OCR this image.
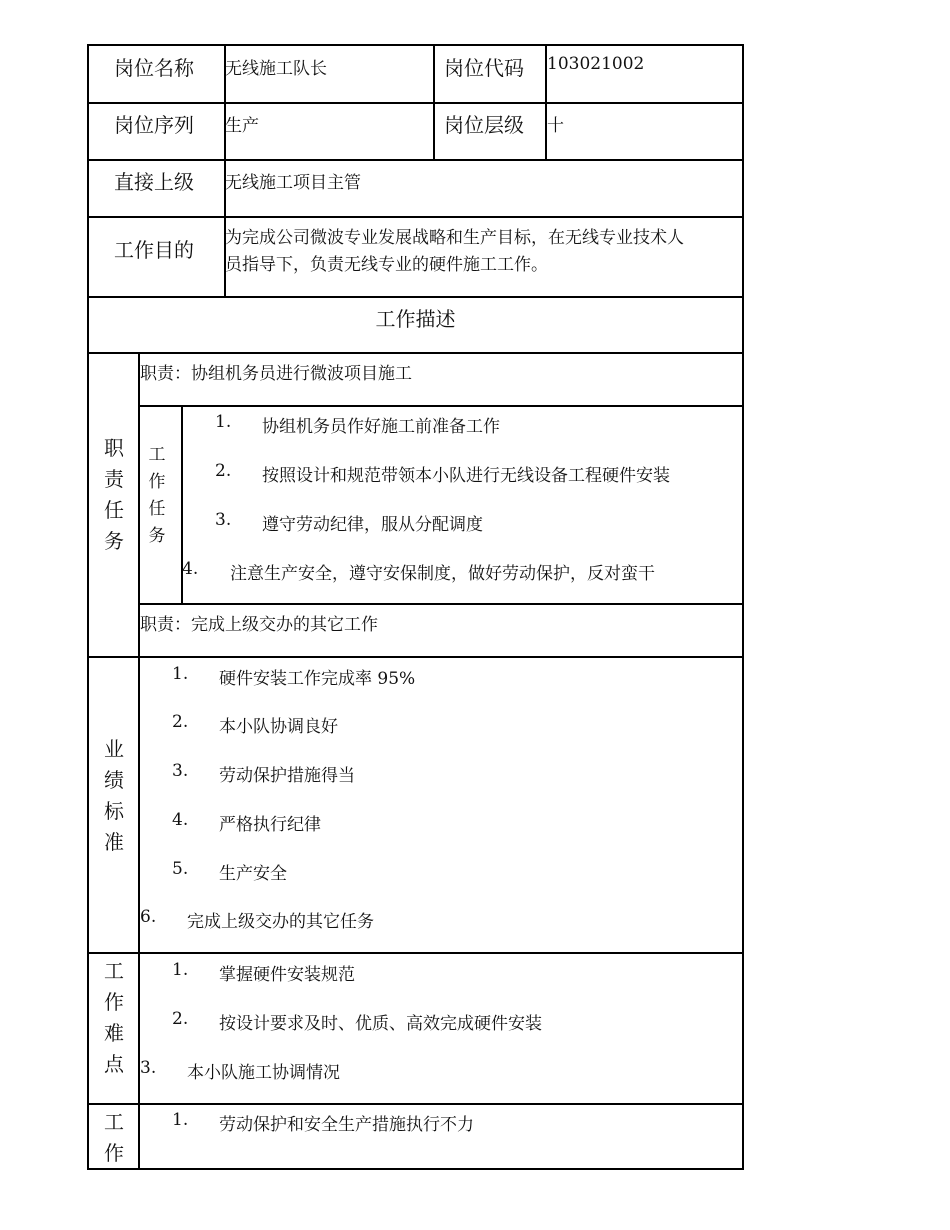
岗位名称 无线施工队长	岗位代码 103021002
岗位序列 生产	岗位层级 十
直接上级 无线施工项目主管
工作目的 为完成公司微波专业发展战略和生产目标，在无线专业技术人
员指导下，负责无线专业的硬件施工工作。
工作描述
职责任务
职责：协组机务员进行微波项目施工
工作任务
1. 协组机务员作好施工前准备工作
2. 按照设计和规范带领本小队进行无线设备工程硬件安装
3. 遵守劳动纪律，服从分配调度
4. 注意生产安全，遵守安保制度，做好劳动保护，反对蛮干
职责：完成上级交办的其它工作
业绩标准
1. 硬件安装工作完成率 95%
2. 本小队协调良好
3. 劳动保护措施得当
4. 严格执行纪律
5. 生产安全
6. 完成上级交办的其它任务
工作难点
1. 掌握硬件安装规范
2. 按设计要求及时、优质、高效完成硬件安装
3. 本小队施工协调情况
工作
1. 劳动保护和安全生产措施执行不力
